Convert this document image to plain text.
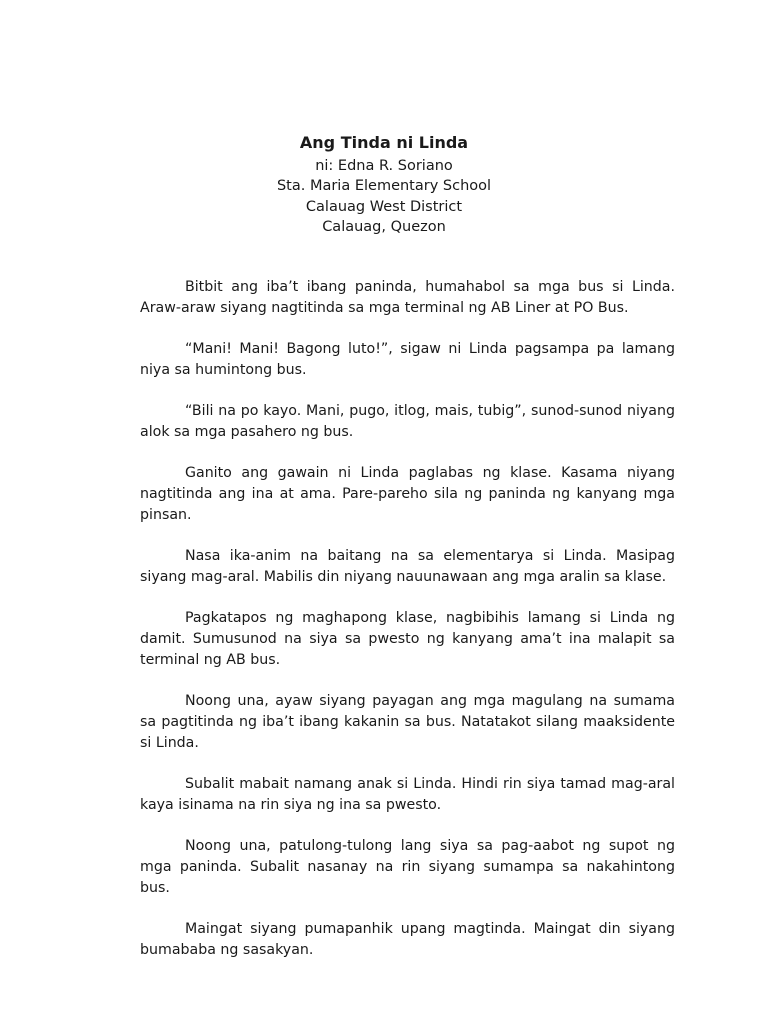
Ang Tinda ni Linda

ni: Edna R. Soriano

Sta. Maria Elementary School

Calauag West District

Calauag, Quezon

Bitbit ang iba’t ibang paninda, humahabol sa mga bus si Linda. Araw-araw siyang nagtitinda sa mga terminal ng AB Liner at PO Bus.

“Mani! Mani! Bagong luto!”, sigaw ni Linda pagsampa pa lamang niya sa humintong bus.

“Bili na po kayo. Mani, pugo, itlog, mais, tubig”, sunod-sunod niyang alok sa mga pasahero ng bus.

Ganito ang gawain ni Linda paglabas ng klase. Kasama niyang nagtitinda ang ina at ama. Pare-pareho sila ng paninda ng kanyang mga pinsan.

Nasa ika-anim na baitang na sa elementarya si Linda. Masipag siyang mag-aral. Mabilis din niyang nauunawaan ang mga aralin sa klase.

Pagkatapos ng maghapong klase, nagbibihis lamang si Linda ng damit. Sumusunod na siya sa pwesto ng kanyang ama’t ina malapit sa terminal ng AB bus.

Noong una, ayaw siyang payagan ang mga magulang na sumama sa pagtitinda ng iba’t ibang kakanin sa bus. Natatakot silang maaksidente si Linda.

Subalit mabait namang anak si Linda. Hindi rin siya tamad mag-aral kaya isinama na rin siya ng ina sa pwesto.

Noong una, patulong-tulong lang siya sa pag-aabot ng supot ng mga paninda. Subalit nasanay na rin siyang sumampa sa nakahintong bus.

Maingat siyang pumapanhik upang magtinda. Maingat din siyang bumababa ng sasakyan.
